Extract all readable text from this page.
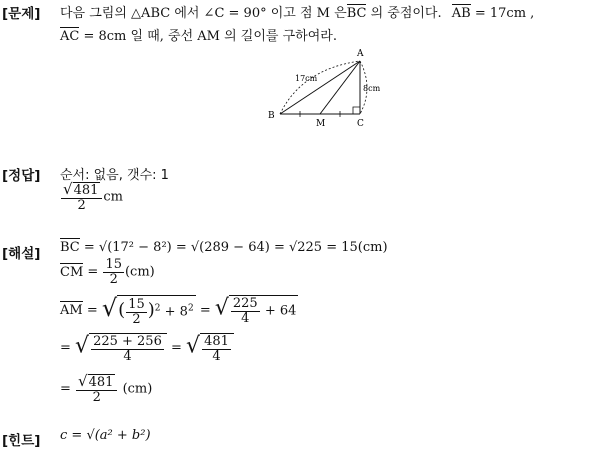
[문제] 다음 그림의 △ABC 에서 ∠C = 90° 이고 점 M 은BC 의 중점이다. AB = 17cm ,
AC = 8cm 일 때, 중선 AM 의 길이를 구하여라.
A
B
C
M
17cm
8cm
[정답] 순서: 없음, 갯수: 1
$\frac{√481}{2}$ cm
[해설] BC = √(17² − 8²) = √(289 − 64) = √225 = 15(cm)
CM = $\frac{15}{2} (cm)$
AM = √( $\frac{15}{2} )^2 + 8^2$ = √ $\frac{225}{4} + 64$
= √ $\frac{225 + 256}{4}$ = √ $\frac{481}{4}$
= $\frac{√481}{2} (cm)$
[힌트] c = √(a² + b²)
